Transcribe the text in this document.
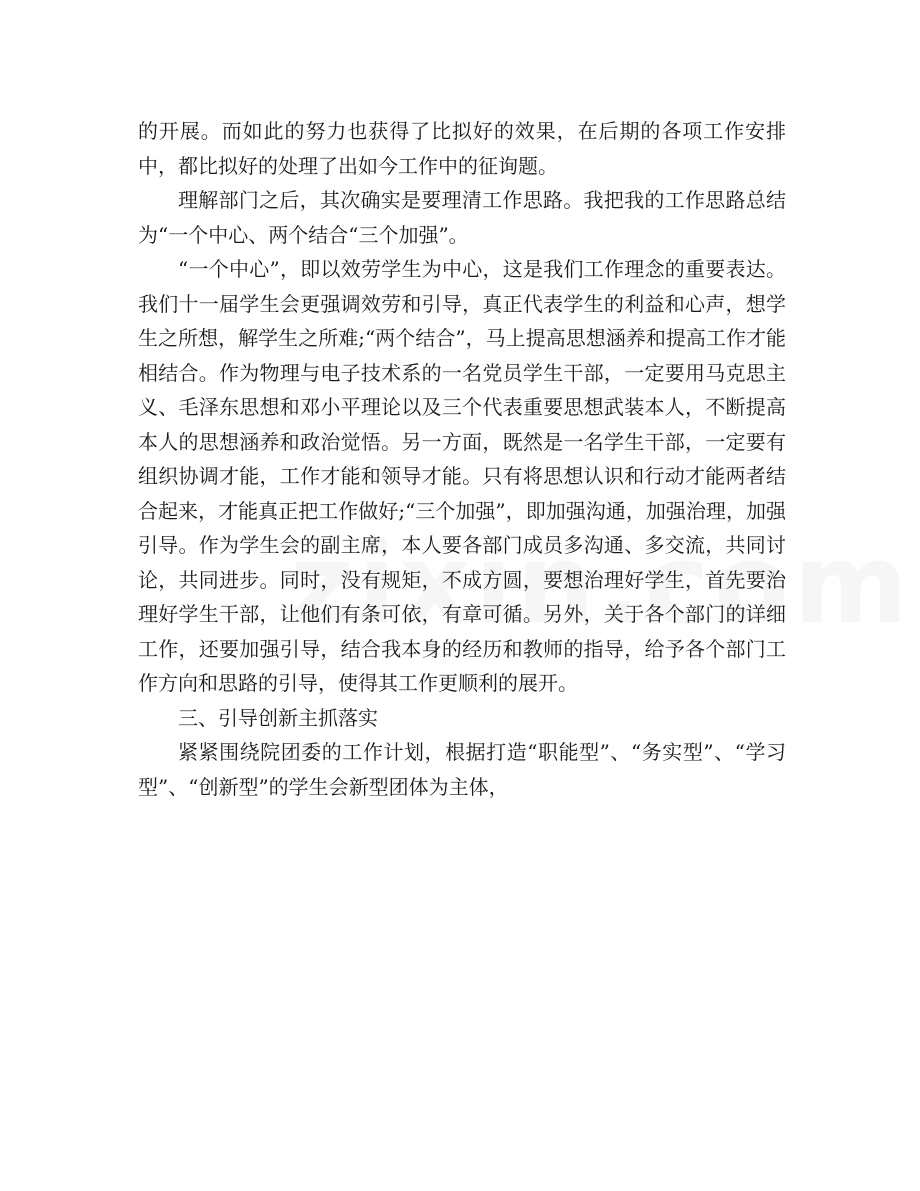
的开展。而如此的努力也获得了比拟好的效果，在后期的各项工作安排中，都比拟好的处理了出如今工作中的征询题。

理解部门之后，其次确实是要理清工作思路。我把我的工作思路总结为“一个中心、两个结合“三个加强”。

“一个中心”，即以效劳学生为中心，这是我们工作理念的重要表达。我们十一届学生会更强调效劳和引导，真正代表学生的利益和心声，想学生之所想，解学生之所难;“两个结合”，马上提高思想涵养和提高工作才能相结合。作为物理与电子技术系的一名党员学生干部，一定要用马克思主义、毛泽东思想和邓小平理论以及三个代表重要思想武装本人，不断提高本人的思想涵养和政治觉悟。另一方面，既然是一名学生干部，一定要有组织协调才能，工作才能和领导才能。只有将思想认识和行动才能两者结合起来，才能真正把工作做好;“三个加强”，即加强沟通，加强治理，加强引导。作为学生会的副主席，本人要各部门成员多沟通、多交流，共同讨论，共同进步。同时，没有规矩，不成方圆，要想治理好学生，首先要治理好学生干部，让他们有条可依，有章可循。另外，关于各个部门的详细工作，还要加强引导，结合我本身的经历和教师的指导，给予各个部门工作方向和思路的引导，使得其工作更顺利的展开。

三、引导创新主抓落实

紧紧围绕院团委的工作计划，根据打造“职能型”、“务实型”、“学习型”、“创新型”的学生会新型团体为主体，
